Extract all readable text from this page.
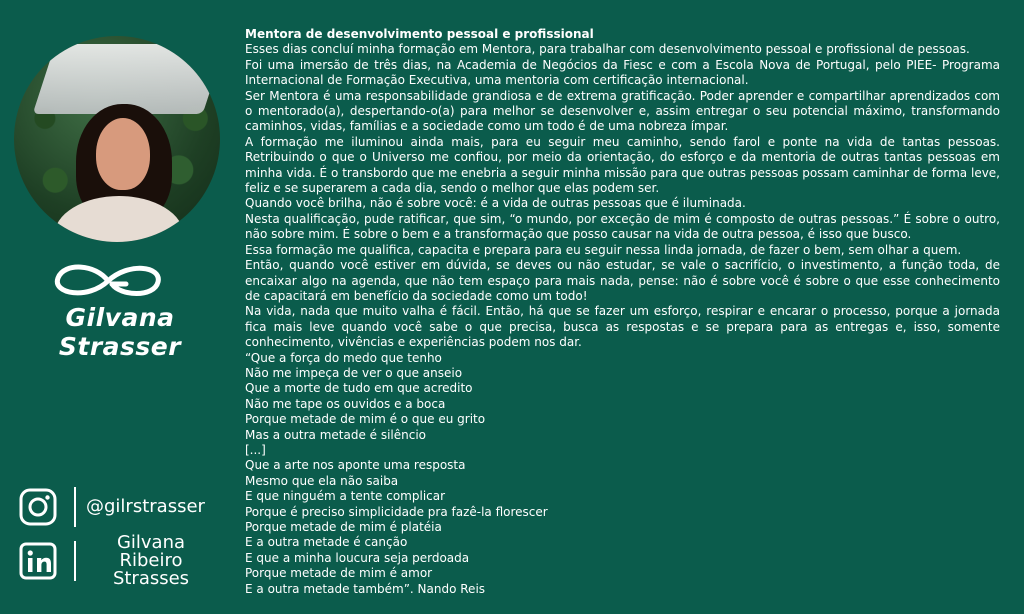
Gilvana Strasser
@gilrstrasser
Gilvana Ribeiro
Strasses
Mentora de desenvolvimento pessoal e profissional

Esses dias concluí minha formação em Mentora, para trabalhar com desenvolvimento pessoal e profissional de pessoas.

Foi uma imersão de três dias, na Academia de Negócios da Fiesc e com a Escola Nova de Portugal, pelo PIEE- Programa Internacional de Formação Executiva, uma mentoria com certificação internacional.

Ser Mentora é uma responsabilidade grandiosa e de extrema gratificação. Poder aprender e compartilhar aprendizados com o mentorado(a), despertando-o(a) para melhor se desenvolver e, assim entregar o seu potencial máximo, transformando caminhos, vidas, famílias e a sociedade como um todo é de uma nobreza ímpar.

A formação me iluminou ainda mais, para eu seguir meu caminho, sendo farol e ponte na vida de tantas pessoas. Retribuindo o que o Universo me confiou, por meio da orientação, do esforço e da mentoria de outras tantas pessoas em minha vida. É o transbordo que me enebria a seguir minha missão para que outras pessoas possam caminhar de forma leve, feliz e se superarem a cada dia, sendo o melhor que elas podem ser.

Quando você brilha, não é sobre você: é a vida de outras pessoas que é iluminada.

Nesta qualificação, pude ratificar, que sim, “o mundo, por exceção de mim é composto de outras pessoas.” É sobre o outro, não sobre mim. É sobre o bem e a transformação que posso causar na vida de outra pessoa, é isso que busco.

Essa formação me qualifica, capacita e prepara para eu seguir nessa linda jornada, de fazer o bem, sem olhar a quem.

Então, quando você estiver em dúvida, se deves ou não estudar, se vale o sacrifício, o investimento, a função toda, de encaixar algo na agenda, que não tem espaço para mais nada, pense: não é sobre você é sobre o que esse conhecimento de capacitará em benefício da sociedade como um todo!

Na vida, nada que muito valha é fácil. Então, há que se fazer um esforço, respirar e encarar o processo, porque a jornada fica mais leve quando você sabe o que precisa, busca as respostas e se prepara para as entregas e, isso, somente conhecimento, vivências e experiências podem nos dar.

“Que a força do medo que tenho
Não me impeça de ver o que anseio
Que a morte de tudo em que acredito
Não me tape os ouvidos e a boca
Porque metade de mim é o que eu grito
Mas a outra metade é silêncio
[...]
Que a arte nos aponte uma resposta
Mesmo que ela não saiba
E que ninguém a tente complicar
Porque é preciso simplicidade pra fazê-la florescer
Porque metade de mim é platéia
E a outra metade é canção
E que a minha loucura seja perdoada
Porque metade de mim é amor
E a outra metade também”. Nando Reis
